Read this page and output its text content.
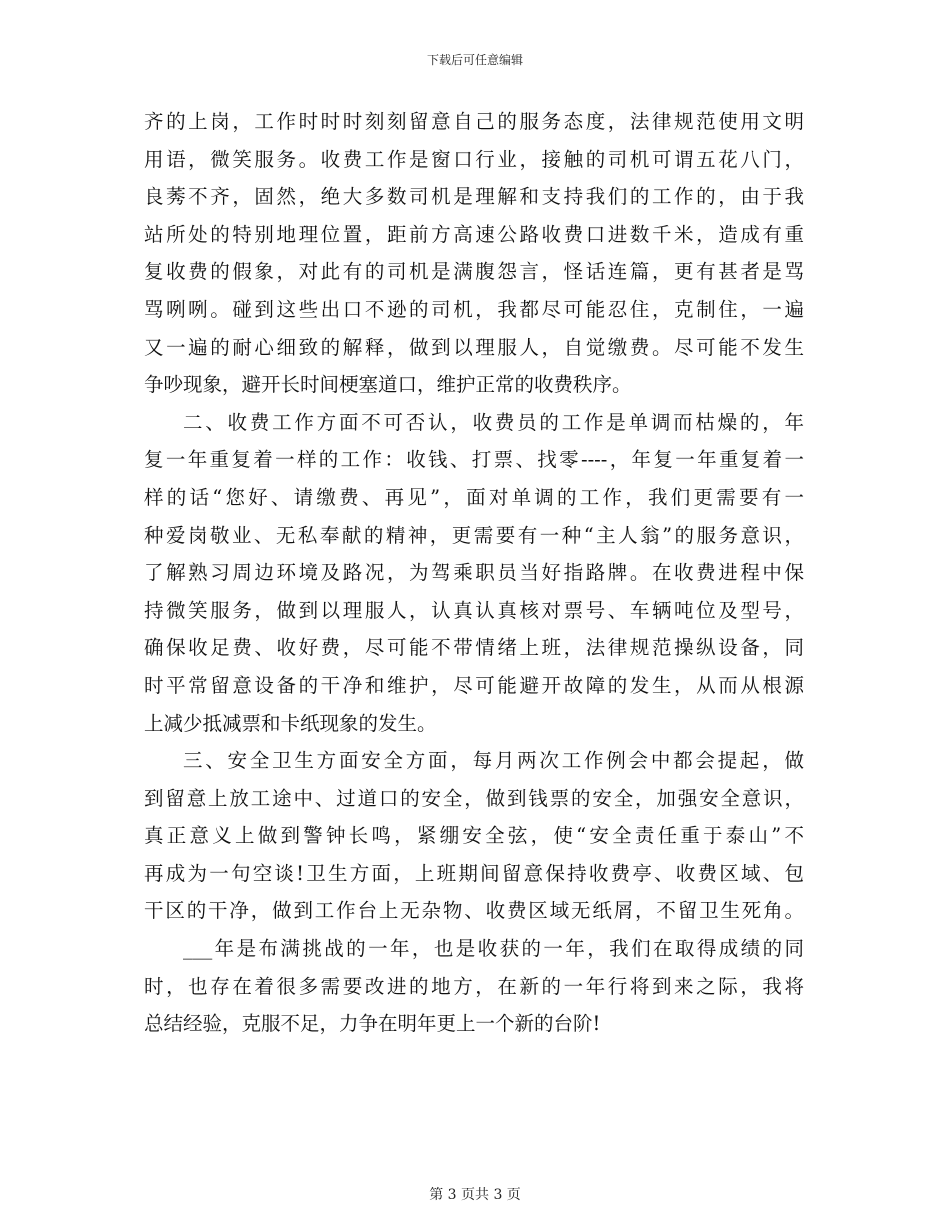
下载后可任意编辑
齐的上岗，工作时时时刻刻留意自己的服务态度，法律规范使用文明
用语，微笑服务。收费工作是窗口行业，接触的司机可谓五花八门，
良莠不齐，固然，绝大多数司机是理解和支持我们的工作的，由于我
站所处的特别地理位置，距前方高速公路收费口进数千米，造成有重
复收费的假象，对此有的司机是满腹怨言，怪话连篇，更有甚者是骂
骂咧咧。碰到这些出口不逊的司机，我都尽可能忍住，克制住，一遍
又一遍的耐心细致的解释，做到以理服人，自觉缴费。尽可能不发生
争吵现象，避开长时间梗塞道口，维护正常的收费秩序。
二、收费工作方面不可否认，收费员的工作是单调而枯燥的，年
复一年重复着一样的工作：收钱、打票、找零----，年复一年重复着一
样的话“您好、请缴费、再见”，面对单调的工作，我们更需要有一
种爱岗敬业、无私奉献的精神，更需要有一种“主人翁”的服务意识，
了解熟习周边环境及路况，为驾乘职员当好指路牌。在收费进程中保
持微笑服务，做到以理服人，认真认真核对票号、车辆吨位及型号，
确保收足费、收好费，尽可能不带情绪上班，法律规范操纵设备，同
时平常留意设备的干净和维护，尽可能避开故障的发生，从而从根源
上减少抵减票和卡纸现象的发生。
三、安全卫生方面安全方面，每月两次工作例会中都会提起，做
到留意上放工途中、过道口的安全，做到钱票的安全，加强安全意识，
真正意义上做到警钟长鸣，紧绷安全弦，使“安全责任重于泰山”不
再成为一句空谈!卫生方面，上班期间留意保持收费亭、收费区域、包
干区的干净，做到工作台上无杂物、收费区域无纸屑，不留卫生死角。
___年是布满挑战的一年，也是收获的一年，我们在取得成绩的同
时，也存在着很多需要改进的地方，在新的一年行将到来之际，我将
总结经验，克服不足，力争在明年更上一个新的台阶!
第 3 页共 3 页
